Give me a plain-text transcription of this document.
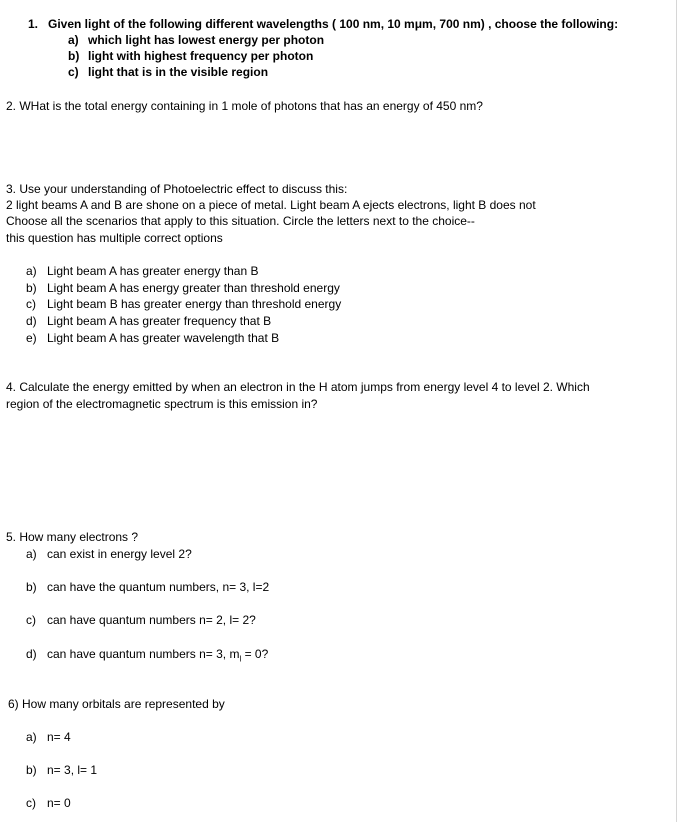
1. Given light of the following different wavelengths ( 100 nm, 10 mμm, 700 nm) , choose the following:
a) which light has lowest energy per photon
b) light with highest frequency per photon
c) light that is in the visible region
2. WHat is the total energy containing in 1 mole of photons that has an energy of 450 nm?
3. Use your understanding of Photoelectric effect to discuss this:
2 light beams A and B are shone on a piece of metal. Light beam A ejects electrons, light B does not
Choose all the scenarios that apply to this situation. Circle the letters next to the choice--
this question has multiple correct options
a) Light beam A has greater energy than B
b) Light beam A has energy greater than threshold energy
c) Light beam B has greater energy than threshold energy
d) Light beam A has greater frequency that B
e) Light beam A has greater wavelength that B
4. Calculate the energy emitted by when an electron in the H atom jumps from energy level 4 to level 2. Which
region of the electromagnetic spectrum is this emission in?
5. How many electrons ?
a) can exist in energy level 2?
b) can have the quantum numbers, n= 3, l=2
c) can have quantum numbers n= 2, l= 2?
d) can have quantum numbers n= 3, $m_l = 0$?
6) How many orbitals are represented by
a) n= 4
b) n= 3, l= 1
c) n= 0
